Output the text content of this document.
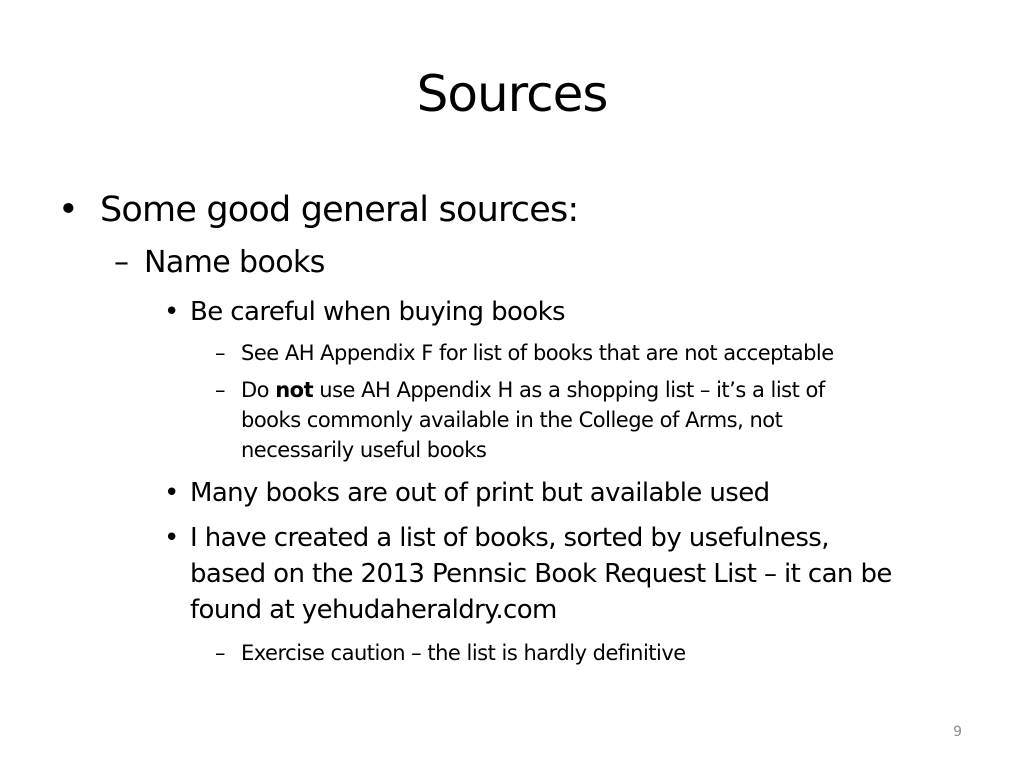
Sources
• Some good general sources:
– Name books
• Be careful when buying books
– See AH Appendix F for list of books that are not acceptable
– Do not use AH Appendix H as a shopping list – it’s a list of
books commonly available in the College of Arms, not
necessarily useful books
• Many books are out of print but available used
• I have created a list of books, sorted by usefulness,
based on the 2013 Pennsic Book Request List – it can be
found at yehudaheraldry.com
– Exercise caution – the list is hardly definitive
9
